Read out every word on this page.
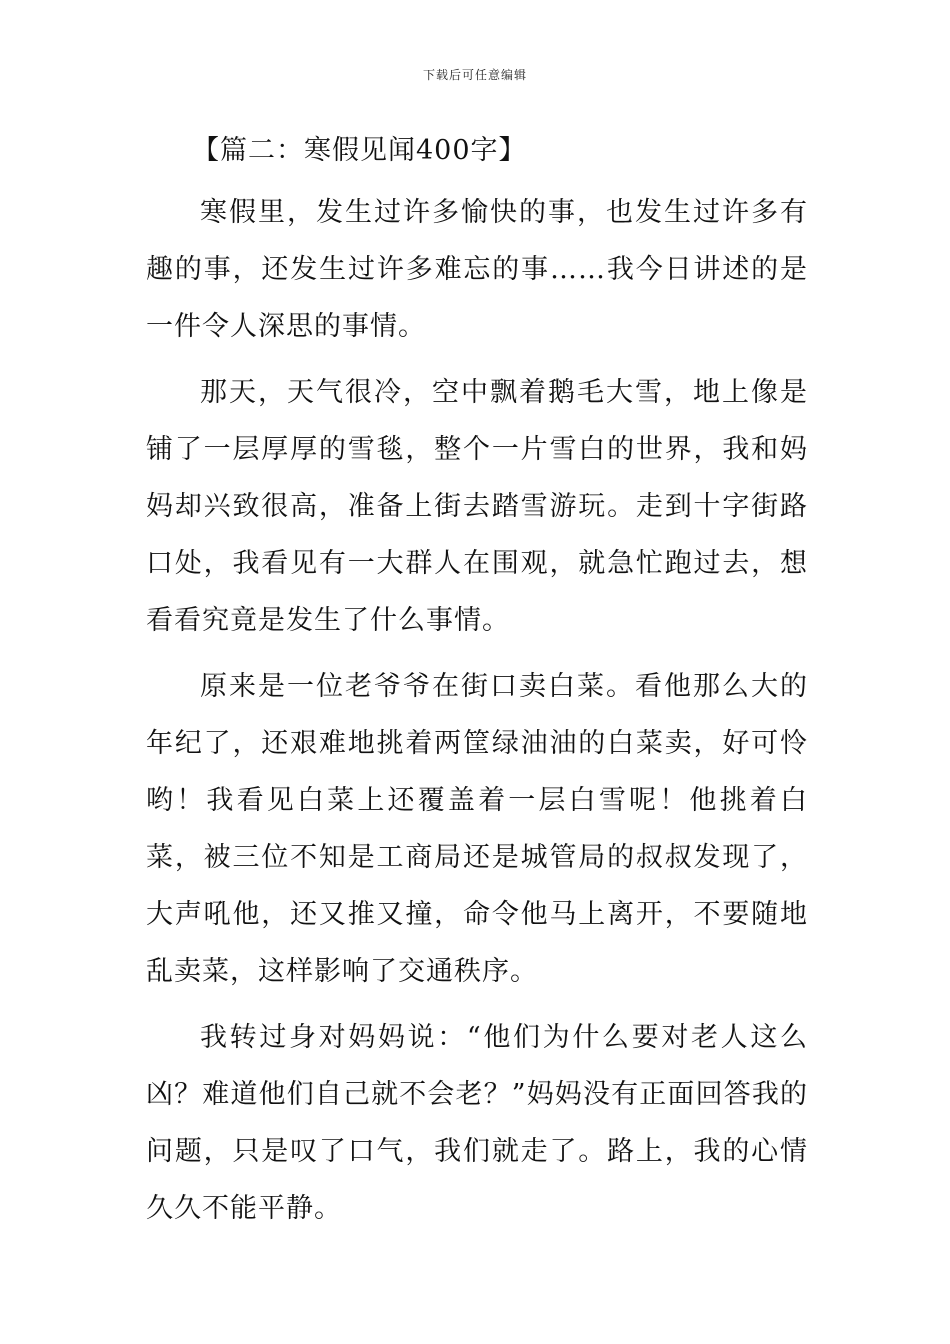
下载后可任意编辑
【篇二：寒假见闻400字】

寒假里，发生过许多愉快的事，也发生过许多有趣的事，还发生过许多难忘的事……我今日讲述的是一件令人深思的事情。

那天，天气很冷，空中飘着鹅毛大雪，地上像是铺了一层厚厚的雪毯，整个一片雪白的世界，我和妈妈却兴致很高，准备上街去踏雪游玩。走到十字街路口处，我看见有一大群人在围观，就急忙跑过去，想看看究竟是发生了什么事情。

原来是一位老爷爷在街口卖白菜。看他那么大的年纪了，还艰难地挑着两筐绿油油的白菜卖，好可怜哟！我看见白菜上还覆盖着一层白雪呢！他挑着白菜，被三位不知是工商局还是城管局的叔叔发现了，大声吼他，还又推又撞，命令他马上离开，不要随地乱卖菜，这样影响了交通秩序。

我转过身对妈妈说：“他们为什么要对老人这么凶？难道他们自己就不会老？”妈妈没有正面回答我的问题，只是叹了口气，我们就走了。路上，我的心情久久不能平静。
